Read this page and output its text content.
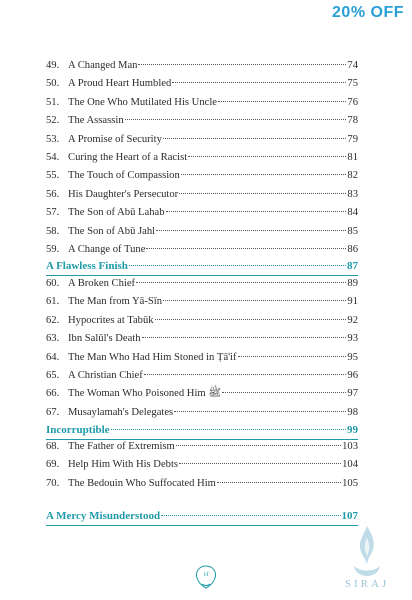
20% OFF
49. A Changed Man	74
50. A Proud Heart Humbled	75
51. The One Who Mutilated His Uncle	76
52. The Assassin	78
53. A Promise of Security	79
54. Curing the Heart of a Racist	81
55. The Touch of Compassion	82
56. His Daughter's Persecutor	83
57. The Son of Abū Lahab	84
58. The Son of Abū Jahl	85
59. A Change of Tune	86
A Flawless Finish	87
60. A Broken Chief	89
61. The Man from Yā-Sīn	91
62. Hypocrites at Tabūk	92
63. Ibn Salūl's Death	93
64. The Man Who Had Him Stoned in Ṭā'if	95
65. A Christian Chief	96
66. The Woman Who Poisoned Him ﷺ	97
67. Musaylamah's Delegates	98
Incorruptible	99
68. The Father of Extremism	103
69. Help Him With His Debts	104
70. The Bedouin Who Suffocated Him	105
A Mercy Misunderstood	107
vi
SIRAJ
